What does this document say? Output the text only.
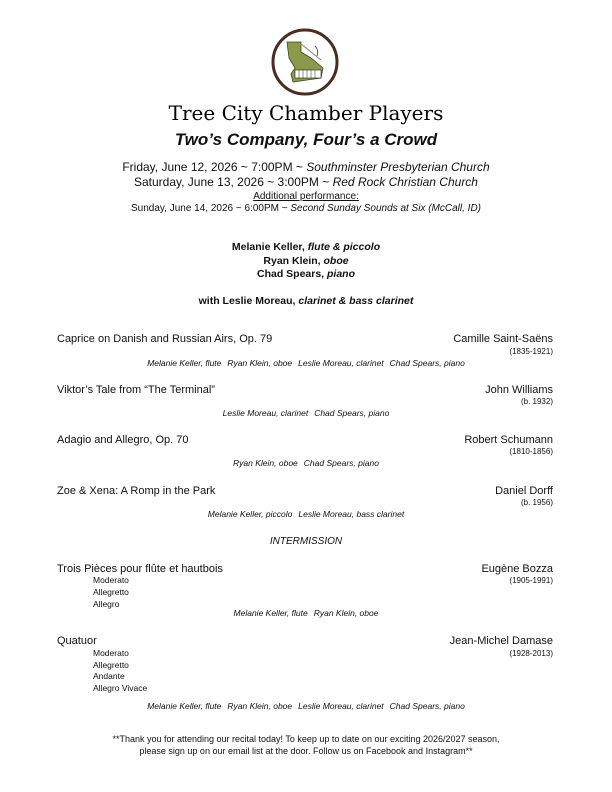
Tree City Chamber Players
Two’s Company, Four’s a Crowd
Friday, June 12, 2026 ~ 7:00PM ~ Southminster Presbyterian Church
Saturday, June 13, 2026 ~ 3:00PM ~ Red Rock Christian Church
Additional performance:
Sunday, June 14, 2026 ~ 6:00PM ~ Second Sunday Sounds at Six (McCall, ID)
Melanie Keller, flute & piccolo
Ryan Klein, oboe
Chad Spears, piano
with Leslie Moreau, clarinet & bass clarinet
Caprice on Danish and Russian Airs, Op. 79	Camille Saint-Saëns
(1835-1921)
Melanie Keller, flute Ryan Klein, oboe Leslie Moreau, clarinet Chad Spears, piano
Viktor’s Tale from “The Terminal”	John Williams
(b. 1932)
Leslie Moreau, clarinet Chad Spears, piano
Adagio and Allegro, Op. 70	Robert Schumann
(1810-1856)
Ryan Klein, oboe Chad Spears, piano
Zoe & Xena: A Romp in the Park	Daniel Dorff
(b. 1956)
Melanie Keller, piccolo Leslie Moreau, bass clarinet
INTERMISSION
Trois Pièces pour flûte et hautbois	Eugène Bozza
(1905-1991)
Moderato
Allegretto
Allegro
Melanie Keller, flute Ryan Klein, oboe
Quatuor	Jean-Michel Damase
(1928-2013)
Moderato
Allegretto
Andante
Allegro Vivace
Melanie Keller, flute Ryan Klein, oboe Leslie Moreau, clarinet Chad Spears, piano
**Thank you for attending our recital today! To keep up to date on our exciting 2026/2027 season,
please sign up on our email list at the door. Follow us on Facebook and Instagram**
